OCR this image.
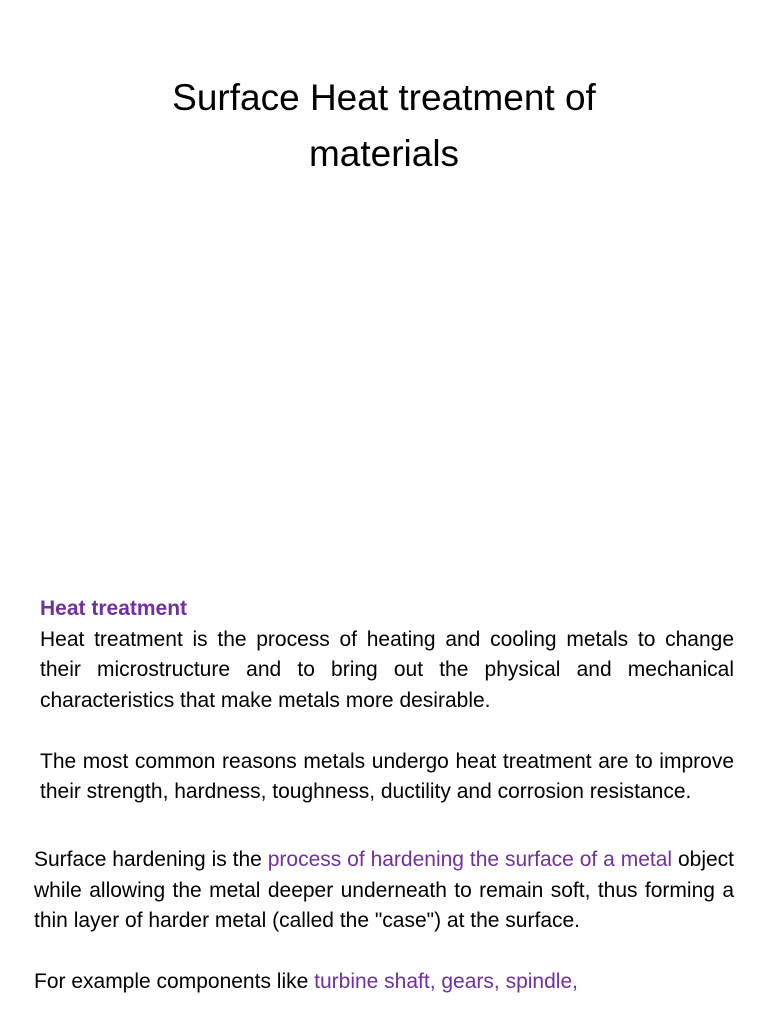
Surface Heat treatment of
materials
Heat treatment

Heat treatment is the process of heating and cooling metals to change their microstructure and to bring out the physical and mechanical characteristics that make metals more desirable.

The most common reasons metals undergo heat treatment are to improve their strength, hardness, toughness, ductility and corrosion resistance.

Surface hardening is the process of hardening the surface of a metal object while allowing the metal deeper underneath to remain soft, thus forming a thin layer of harder metal (called the "case") at the surface.

For example components like turbine shaft, gears, spindle,
